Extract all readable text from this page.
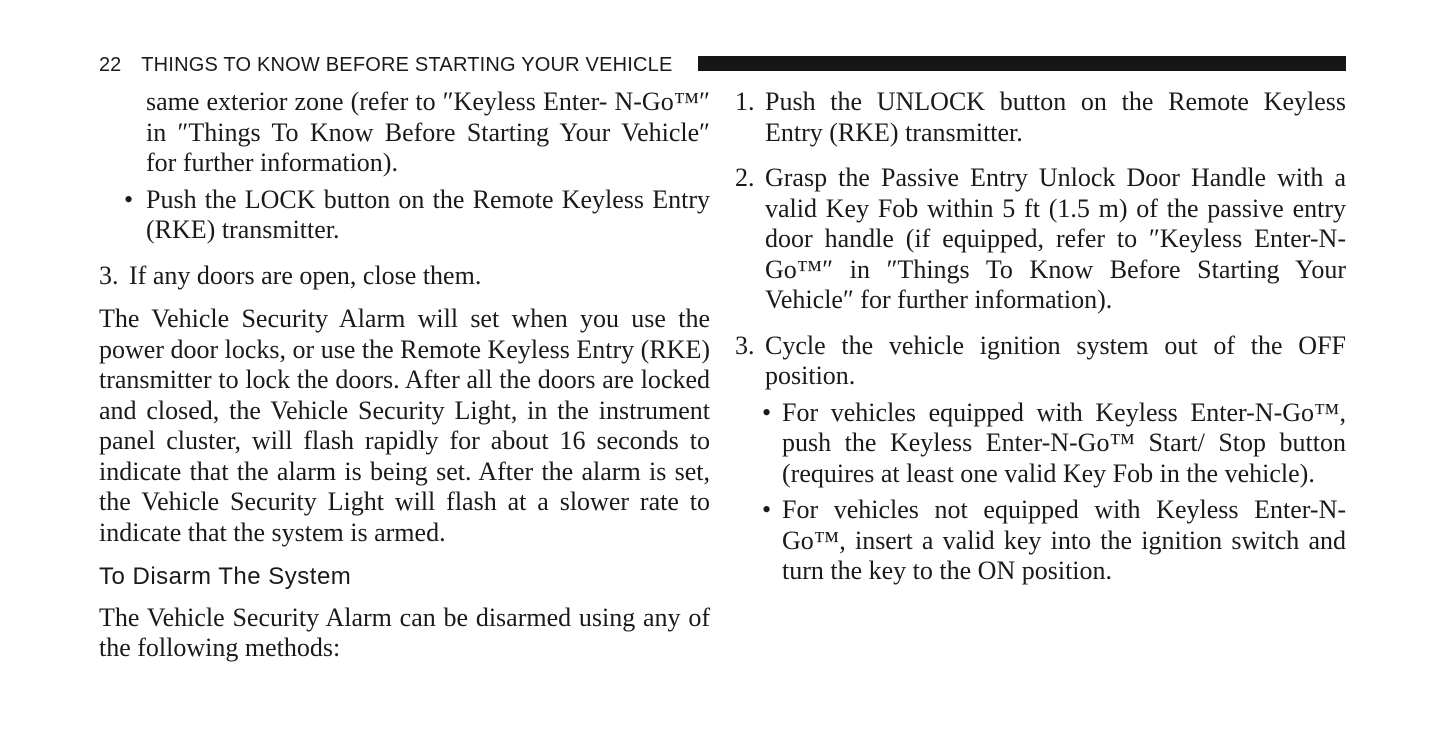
22 THINGS TO KNOW BEFORE STARTING YOUR VEHICLE

same exterior zone (refer to ″Keyless Enter- N-Go™″ in ″Things To Know Before Starting Your Vehicle″ for further information).

• Push the LOCK button on the Remote Keyless Entry (RKE) transmitter.

3. If any doors are open, close them.

The Vehicle Security Alarm will set when you use the power door locks, or use the Remote Keyless Entry (RKE) transmitter to lock the doors. After all the doors are locked and closed, the Vehicle Security Light, in the instrument panel cluster, will flash rapidly for about 16 seconds to indicate that the alarm is being set. After the alarm is set, the Vehicle Security Light will flash at a slower rate to indicate that the system is armed.

To Disarm The System

The Vehicle Security Alarm can be disarmed using any of the following methods:

1. Push the UNLOCK button on the Remote Keyless Entry (RKE) transmitter.

2. Grasp the Passive Entry Unlock Door Handle with a valid Key Fob within 5 ft (1.5 m) of the passive entry door handle (if equipped, refer to ″Keyless Enter-N-Go™″ in ″Things To Know Before Starting Your Vehicle″ for further information).

3. Cycle the vehicle ignition system out of the OFF position.

• For vehicles equipped with Keyless Enter-N-Go™, push the Keyless Enter-N-Go™ Start/ Stop button (requires at least one valid Key Fob in the vehicle).

• For vehicles not equipped with Keyless Enter-N-Go™, insert a valid key into the ignition switch and turn the key to the ON position.
